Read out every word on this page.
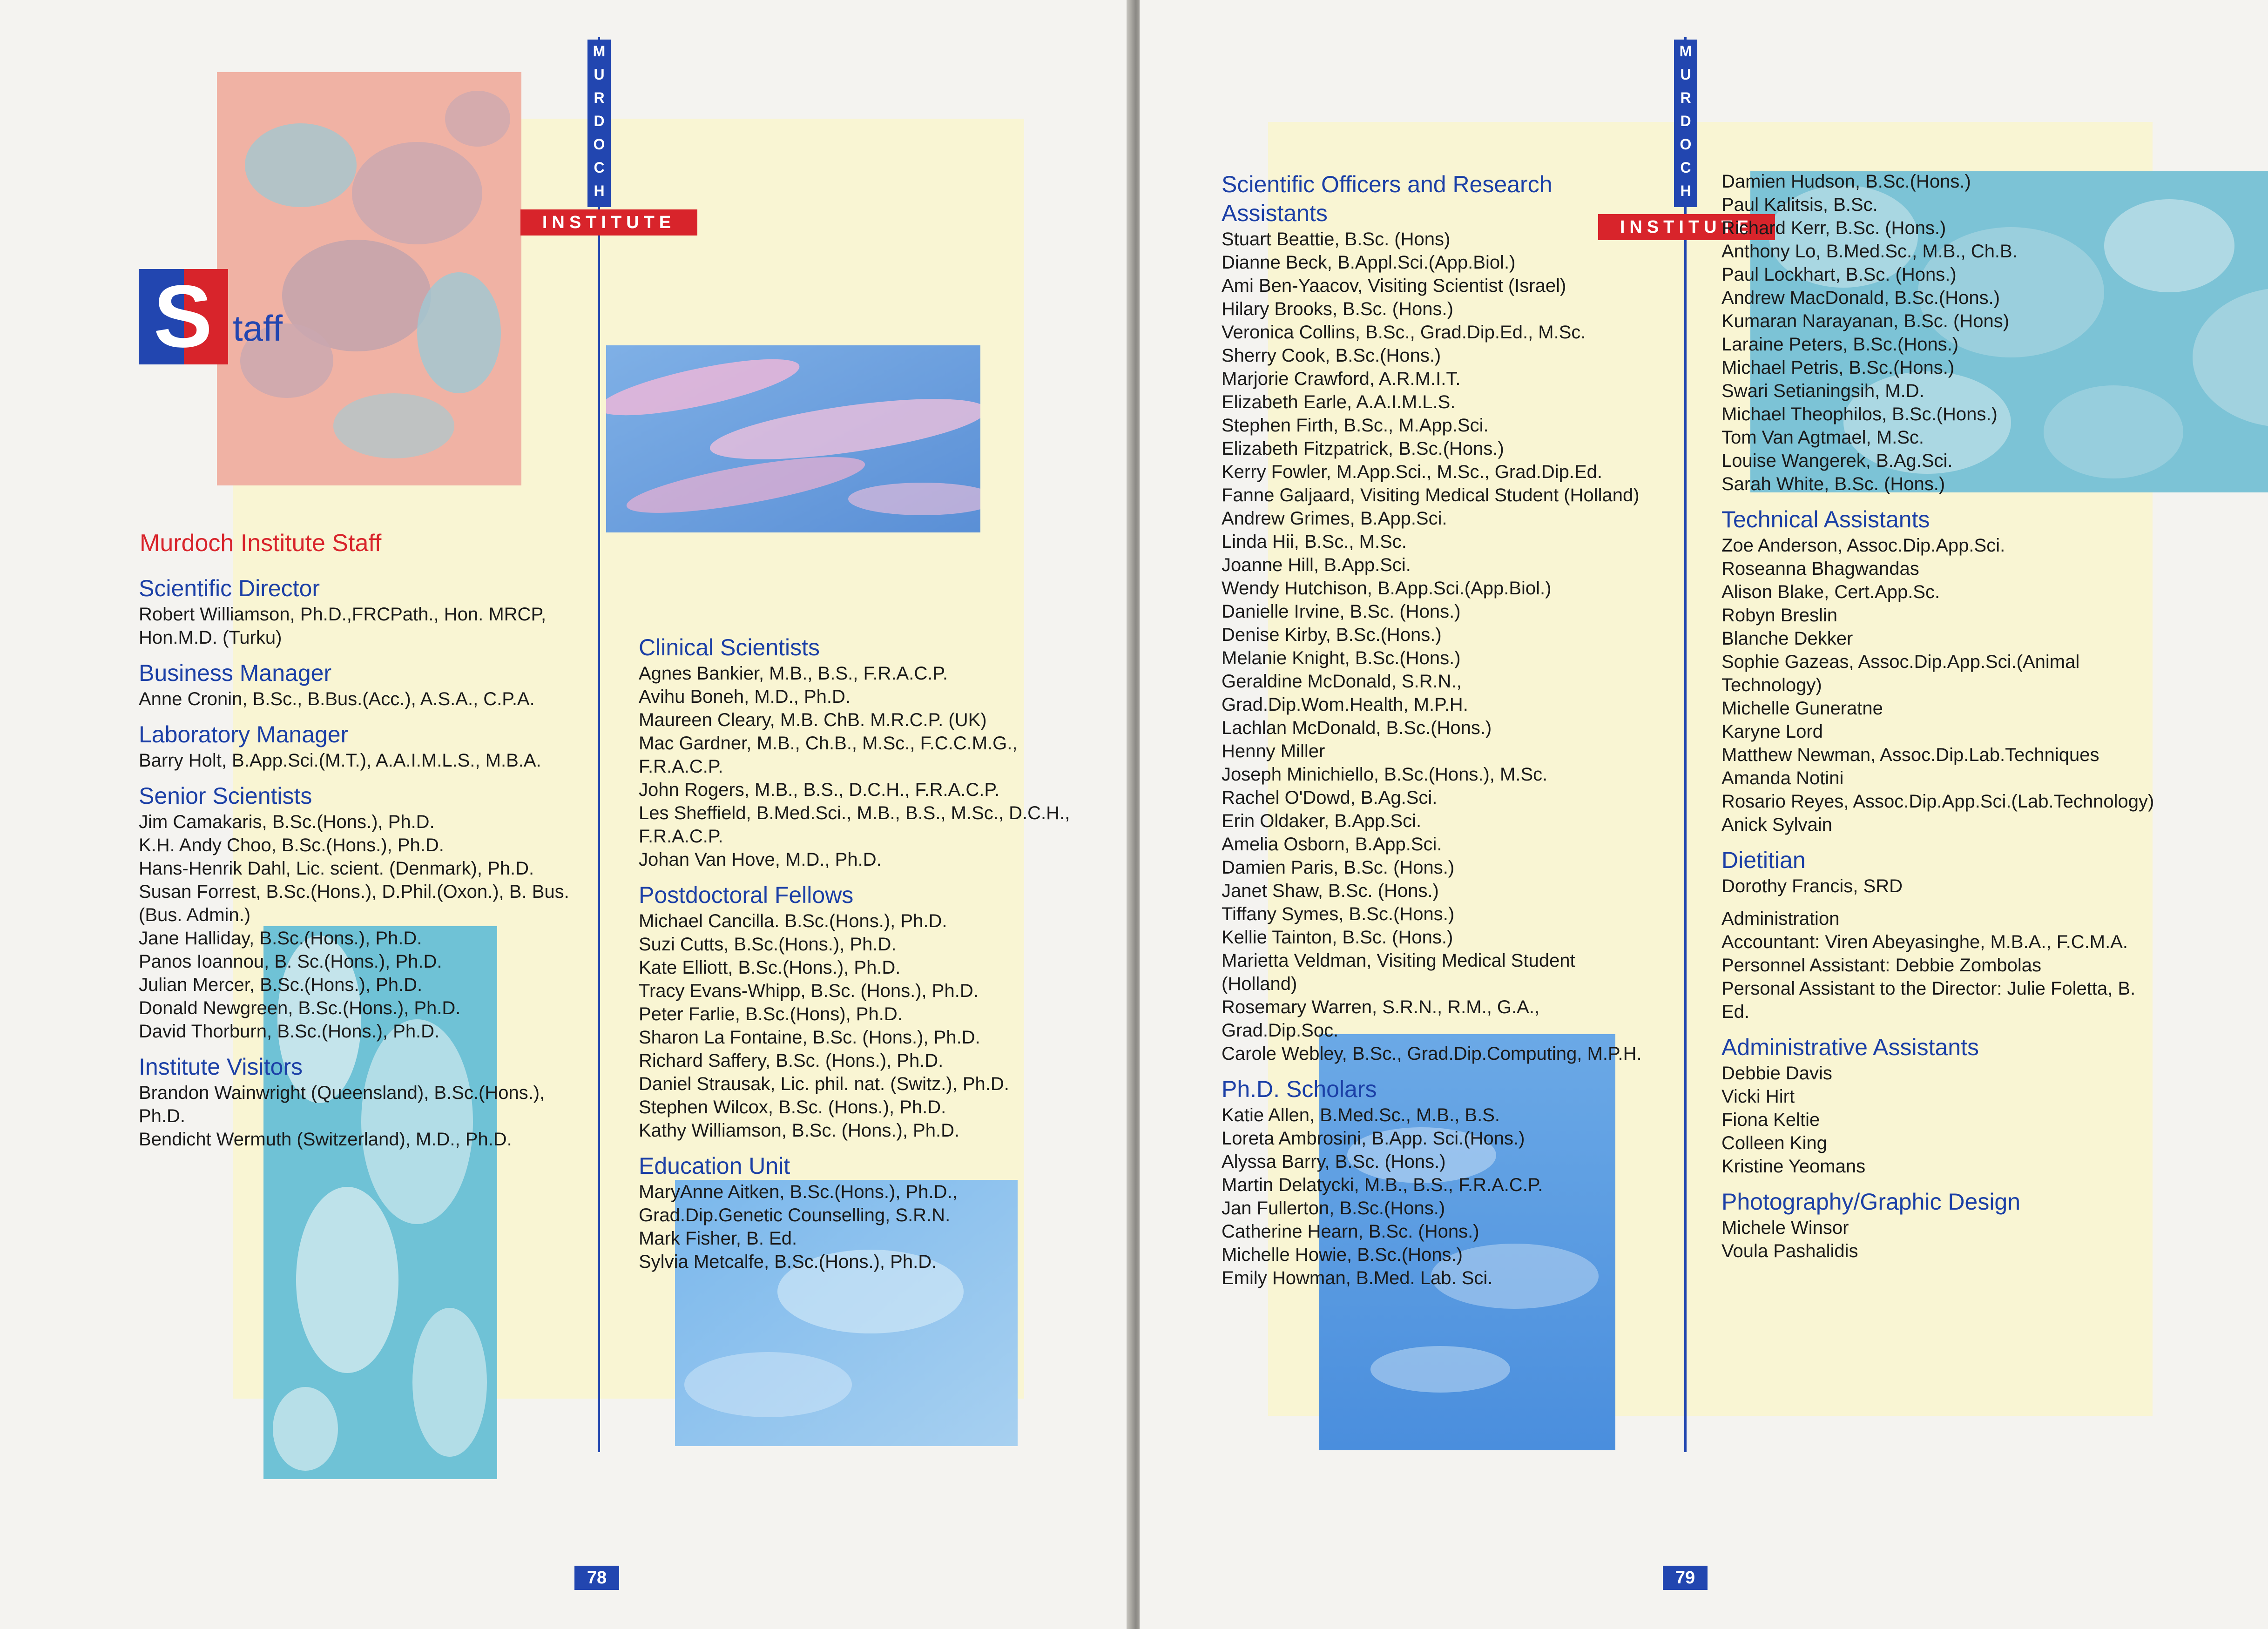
S taff
M
U
R
D
O
C
H
INSTITUTE
Murdoch Institute Staff
Scientific Director
Robert Williamson, Ph.D.,FRCPath., Hon. MRCP,
Hon.M.D. (Turku)
Business Manager
Anne Cronin, B.Sc., B.Bus.(Acc.), A.S.A., C.P.A.
Laboratory Manager
Barry Holt, B.App.Sci.(M.T.), A.A.I.M.L.S., M.B.A.
Senior Scientists
Jim Camakaris, B.Sc.(Hons.), Ph.D.
K.H. Andy Choo, B.Sc.(Hons.), Ph.D.
Hans-Henrik Dahl, Lic. scient. (Denmark), Ph.D.
Susan Forrest, B.Sc.(Hons.), D.Phil.(Oxon.), B. Bus.
(Bus. Admin.)
Jane Halliday, B.Sc.(Hons.), Ph.D.
Panos Ioannou, B. Sc.(Hons.), Ph.D.
Julian Mercer, B.Sc.(Hons.), Ph.D.
Donald Newgreen, B.Sc.(Hons.), Ph.D.
David Thorburn, B.Sc.(Hons.), Ph.D.
Institute Visitors
Brandon Wainwright (Queensland), B.Sc.(Hons.),
Ph.D.
Bendicht Wermuth (Switzerland), M.D., Ph.D.
Clinical Scientists
Agnes Bankier, M.B., B.S., F.R.A.C.P.
Avihu Boneh, M.D., Ph.D.
Maureen Cleary, M.B. ChB. M.R.C.P. (UK)
Mac Gardner, M.B., Ch.B., M.Sc., F.C.C.M.G.,
F.R.A.C.P.
John Rogers, M.B., B.S., D.C.H., F.R.A.C.P.
Les Sheffield, B.Med.Sci., M.B., B.S., M.Sc., D.C.H.,
F.R.A.C.P.
Johan Van Hove, M.D., Ph.D.
Postdoctoral Fellows
Michael Cancilla. B.Sc.(Hons.), Ph.D.
Suzi Cutts, B.Sc.(Hons.), Ph.D.
Kate Elliott, B.Sc.(Hons.), Ph.D.
Tracy Evans-Whipp, B.Sc. (Hons.), Ph.D.
Peter Farlie, B.Sc.(Hons), Ph.D.
Sharon La Fontaine, B.Sc. (Hons.), Ph.D.
Richard Saffery, B.Sc. (Hons.), Ph.D.
Daniel Strausak, Lic. phil. nat. (Switz.), Ph.D.
Stephen Wilcox, B.Sc. (Hons.), Ph.D.
Kathy Williamson, B.Sc. (Hons.), Ph.D.
Education Unit
MaryAnne Aitken, B.Sc.(Hons.), Ph.D.,
Grad.Dip.Genetic Counselling, S.R.N.
Mark Fisher, B. Ed.
Sylvia Metcalfe, B.Sc.(Hons.), Ph.D.
78
M
U
R
D
O
C
H
INSTITUTE
Scientific Officers and Research
Assistants
Stuart Beattie, B.Sc. (Hons)
Dianne Beck, B.Appl.Sci.(App.Biol.)
Ami Ben-Yaacov, Visiting Scientist (Israel)
Hilary Brooks, B.Sc. (Hons.)
Veronica Collins, B.Sc., Grad.Dip.Ed., M.Sc.
Sherry Cook, B.Sc.(Hons.)
Marjorie Crawford, A.R.M.I.T.
Elizabeth Earle, A.A.I.M.L.S.
Stephen Firth, B.Sc., M.App.Sci.
Elizabeth Fitzpatrick, B.Sc.(Hons.)
Kerry Fowler, M.App.Sci., M.Sc., Grad.Dip.Ed.
Fanne Galjaard, Visiting Medical Student (Holland)
Andrew Grimes, B.App.Sci.
Linda Hii, B.Sc., M.Sc.
Joanne Hill, B.App.Sci.
Wendy Hutchison, B.App.Sci.(App.Biol.)
Danielle Irvine, B.Sc. (Hons.)
Denise Kirby, B.Sc.(Hons.)
Melanie Knight, B.Sc.(Hons.)
Geraldine McDonald, S.R.N.,
Grad.Dip.Wom.Health, M.P.H.
Lachlan McDonald, B.Sc.(Hons.)
Henny Miller
Joseph Minichiello, B.Sc.(Hons.), M.Sc.
Rachel O'Dowd, B.Ag.Sci.
Erin Oldaker, B.App.Sci.
Amelia Osborn, B.App.Sci.
Damien Paris, B.Sc. (Hons.)
Janet Shaw, B.Sc. (Hons.)
Tiffany Symes, B.Sc.(Hons.)
Kellie Tainton, B.Sc. (Hons.)
Marietta Veldman, Visiting Medical Student
(Holland)
Rosemary Warren, S.R.N., R.M., G.A.,
Grad.Dip.Soc.
Carole Webley, B.Sc., Grad.Dip.Computing, M.P.H.
Ph.D. Scholars
Katie Allen, B.Med.Sc., M.B., B.S.
Loreta Ambrosini, B.App. Sci.(Hons.)
Alyssa Barry, B.Sc. (Hons.)
Martin Delatycki, M.B., B.S., F.R.A.C.P.
Jan Fullerton, B.Sc.(Hons.)
Catherine Hearn, B.Sc. (Hons.)
Michelle Howie, B.Sc.(Hons.)
Emily Howman, B.Med. Lab. Sci.
Damien Hudson, B.Sc.(Hons.)
Paul Kalitsis, B.Sc.
Richard Kerr, B.Sc. (Hons.)
Anthony Lo, B.Med.Sc., M.B., Ch.B.
Paul Lockhart, B.Sc. (Hons.)
Andrew MacDonald, B.Sc.(Hons.)
Kumaran Narayanan, B.Sc. (Hons)
Laraine Peters, B.Sc.(Hons.)
Michael Petris, B.Sc.(Hons.)
Swari Setianingsih, M.D.
Michael Theophilos, B.Sc.(Hons.)
Tom Van Agtmael, M.Sc.
Louise Wangerek, B.Ag.Sci.
Sarah White, B.Sc. (Hons.)
Technical Assistants
Zoe Anderson, Assoc.Dip.App.Sci.
Roseanna Bhagwandas
Alison Blake, Cert.App.Sc.
Robyn Breslin
Blanche Dekker
Sophie Gazeas, Assoc.Dip.App.Sci.(Animal
Technology)
Michelle Guneratne
Karyne Lord
Matthew Newman, Assoc.Dip.Lab.Techniques
Amanda Notini
Rosario Reyes, Assoc.Dip.App.Sci.(Lab.Technology)
Anick Sylvain
Dietitian
Dorothy Francis, SRD
Administration
Accountant: Viren Abeyasinghe, M.B.A., F.C.M.A.
Personnel Assistant: Debbie Zombolas
Personal Assistant to the Director: Julie Foletta, B.
Ed.
Administrative Assistants
Debbie Davis
Vicki Hirt
Fiona Keltie
Colleen King
Kristine Yeomans
Photography/Graphic Design
Michele Winsor
Voula Pashalidis
79
